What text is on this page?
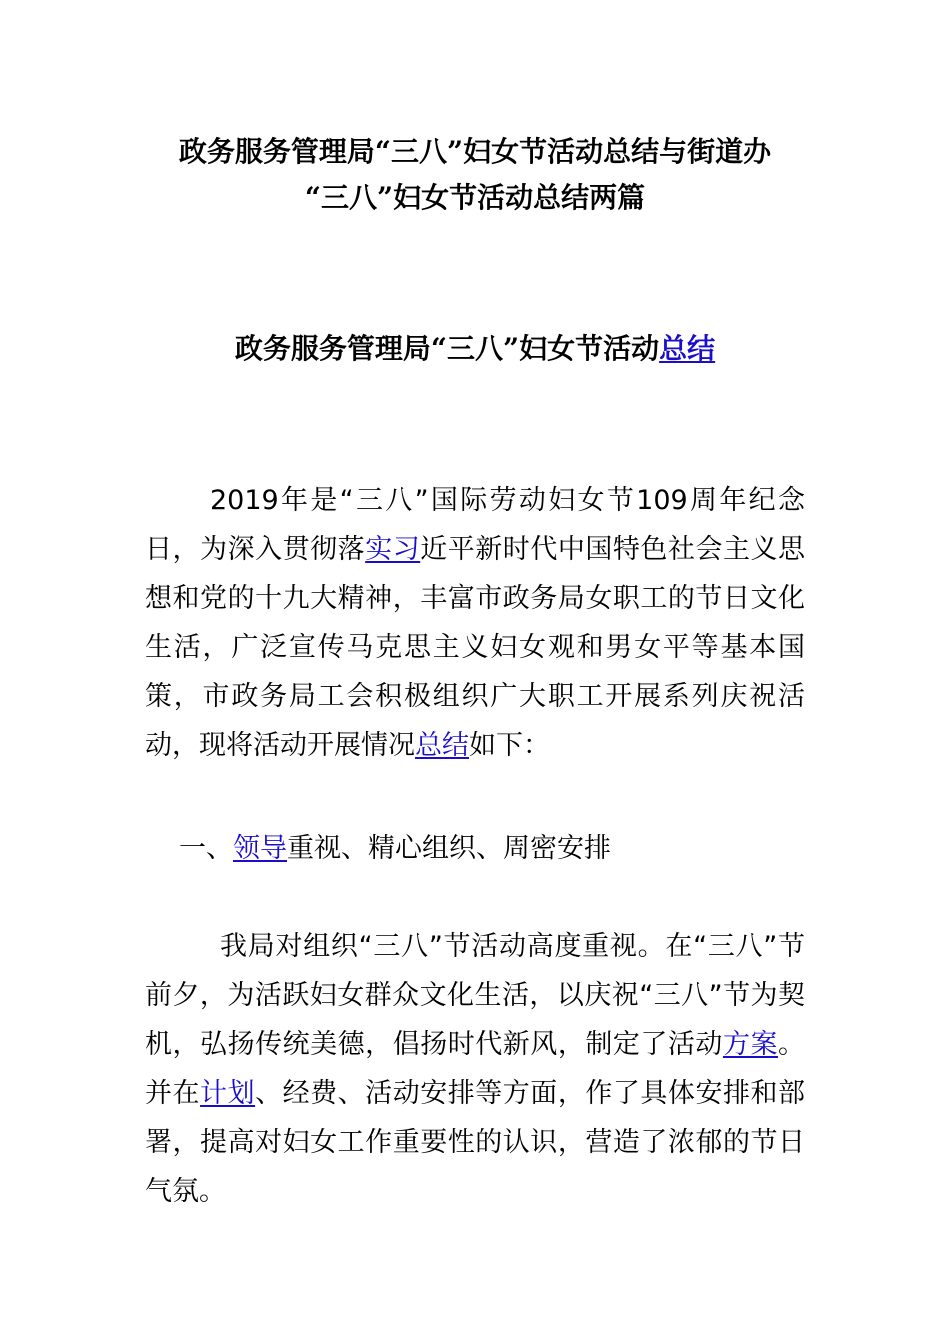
政务服务管理局“三八”妇女节活动总结与街道办
“三八”妇女节活动总结两篇
政务服务管理局“三八”妇女节活动总结

2019年是“三八”国际劳动妇女节109周年纪念日，为深入贯彻落实习近平新时代中国特色社会主义思想和党的十九大精神，丰富市政务局女职工的节日文化生活，广泛宣传马克思主义妇女观和男女平等基本国策，市政务局工会积极组织广大职工开展系列庆祝活动，现将活动开展情况总结如下：

一、领导重视、精心组织、周密安排

我局对组织“三八”节活动高度重视。在“三八”节前夕，为活跃妇女群众文化生活，以庆祝“三八”节为契机，弘扬传统美德，倡扬时代新风，制定了活动方案。并在计划、经费、活动安排等方面，作了具体安排和部署，提高对妇女工作重要性的认识，营造了浓郁的节日气氛。
